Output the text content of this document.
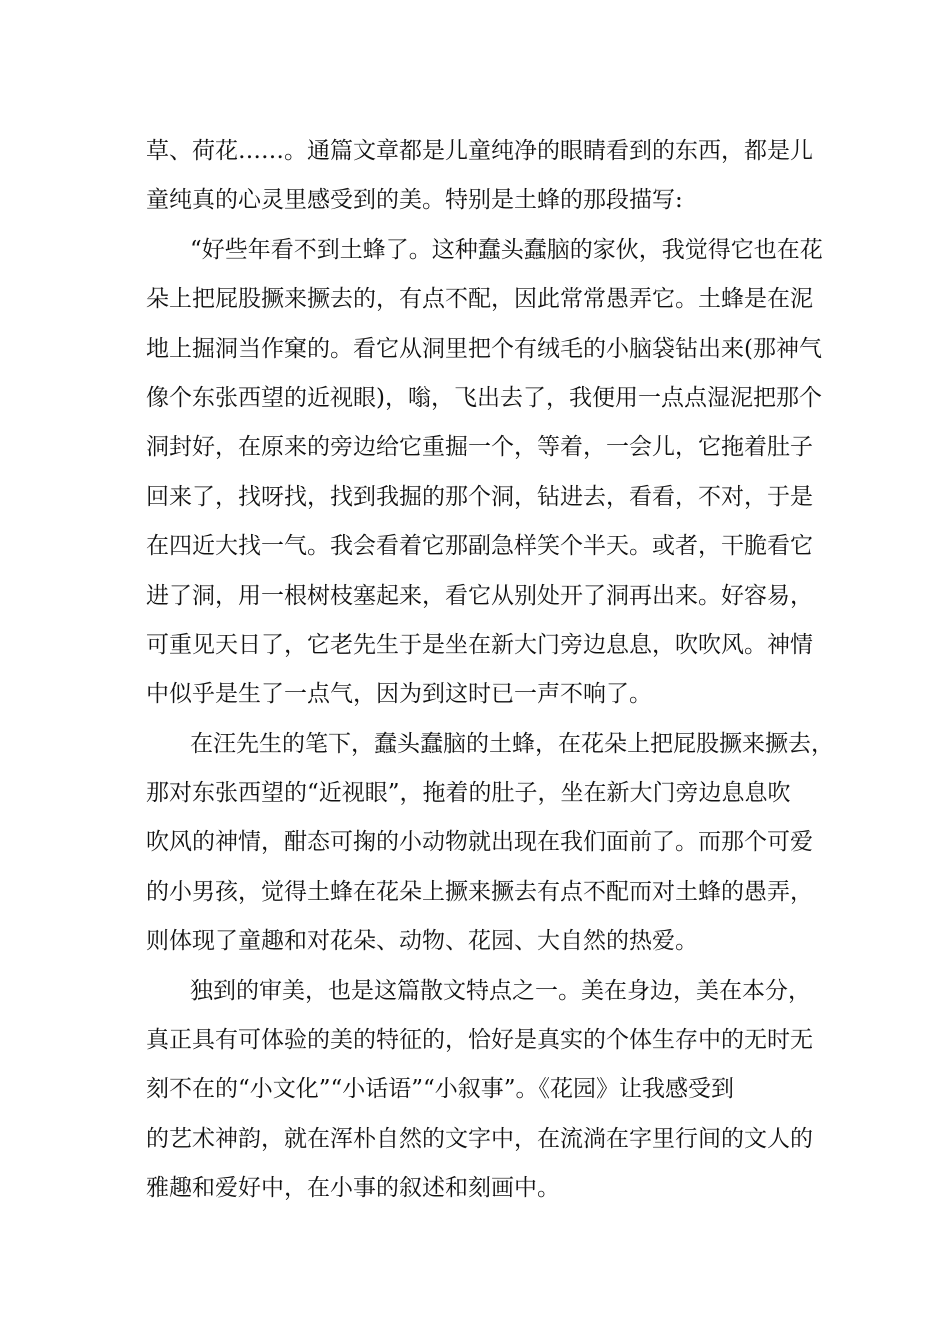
草、荷花……。通篇文章都是儿童纯净的眼睛看到的东西，都是儿
童纯真的心灵里感受到的美。特别是土蜂的那段描写:
“好些年看不到土蜂了。这种蠢头蠢脑的家伙，我觉得它也在花
朵上把屁股撅来撅去的，有点不配，因此常常愚弄它。土蜂是在泥
地上掘洞当作窠的。看它从洞里把个有绒毛的小脑袋钻出来(那神气
像个东张西望的近视眼)，嗡，飞出去了，我便用一点点湿泥把那个
洞封好，在原来的旁边给它重掘一个，等着，一会儿，它拖着肚子
回来了，找呀找，找到我掘的那个洞，钻进去，看看，不对，于是
在四近大找一气。我会看着它那副急样笑个半天。或者，干脆看它
进了洞，用一根树枝塞起来，看它从别处开了洞再出来。好容易，
可重见天日了，它老先生于是坐在新大门旁边息息，吹吹风。神情
中似乎是生了一点气，因为到这时已一声不响了。
在汪先生的笔下，蠢头蠢脑的土蜂，在花朵上把屁股撅来撅去，
那对东张西望的“近视眼”，拖着的肚子，坐在新大门旁边息息吹
吹风的神情，酣态可掬的小动物就出现在我们面前了。而那个可爱
的小男孩，觉得土蜂在花朵上撅来撅去有点不配而对土蜂的愚弄，
则体现了童趣和对花朵、动物、花园、大自然的热爱。
独到的审美，也是这篇散文特点之一。美在身边，美在本分，
真正具有可体验的美的特征的，恰好是真实的个体生存中的无时无
刻不在的“小文化”“小话语”“小叙事”。《花园》让我感受到
的艺术神韵，就在浑朴自然的文字中，在流淌在字里行间的文人的
雅趣和爱好中，在小事的叙述和刻画中。
